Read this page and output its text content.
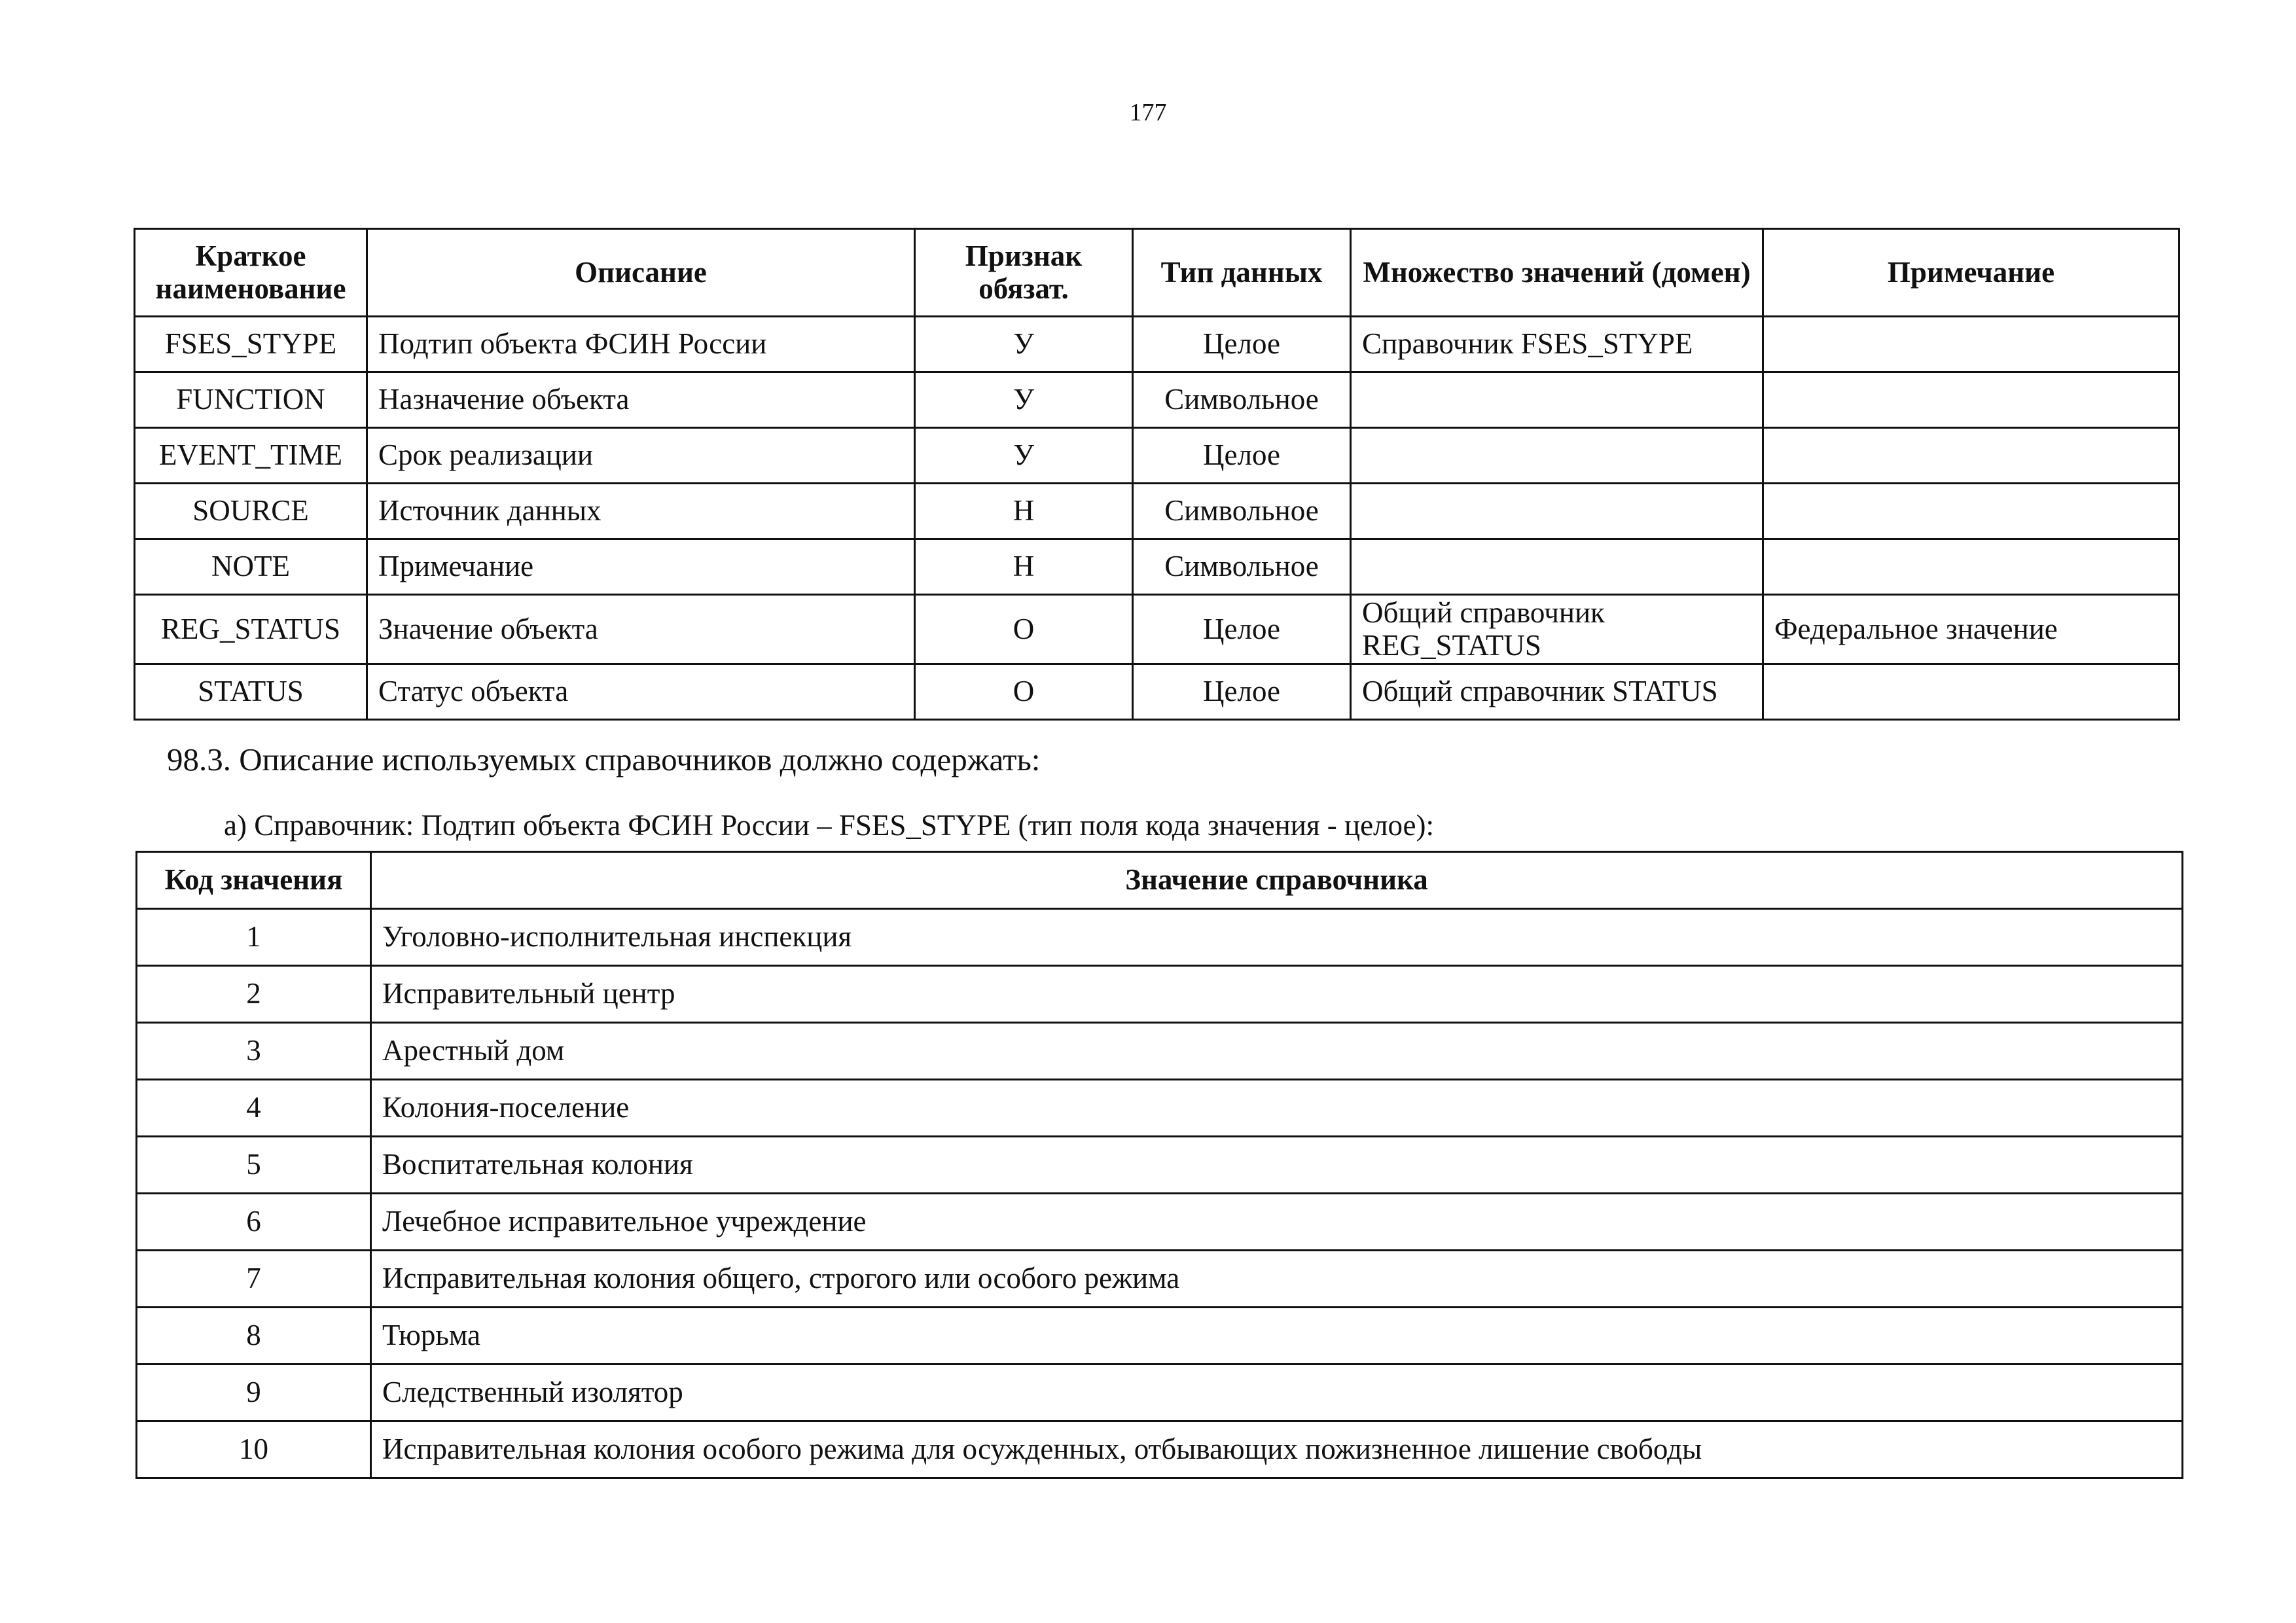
177
Краткое наименование	Описание	Признак обязат.	Тип данных	Множество значений (домен)	Примечание
FSES_STYPE	Подтип объекта ФСИН России	У	Целое	Справочник FSES_STYPE	
FUNCTION	Назначение объекта	У	Символьное		
EVENT_TIME	Срок реализации	У	Целое		
SOURCE	Источник данных	Н	Символьное		
NOTE	Примечание	Н	Символьное		
REG_STATUS	Значение объекта	О	Целое	Общий справочник REG_STATUS	Федеральное значение
STATUS	Статус объекта	О	Целое	Общий справочник STATUS	
98.3. Описание используемых справочников должно содержать:
а) Справочник: Подтип объекта ФСИН России – FSES_STYPE (тип поля кода значения - целое):
Код значения	Значение справочника
1	Уголовно-исполнительная инспекция
2	Исправительный центр
3	Арестный дом
4	Колония-поселение
5	Воспитательная колония
6	Лечебное исправительное учреждение
7	Исправительная колония общего, строгого или особого режима
8	Тюрьма
9	Следственный изолятор
10	Исправительная колония особого режима для осужденных, отбывающих пожизненное лишение свободы
